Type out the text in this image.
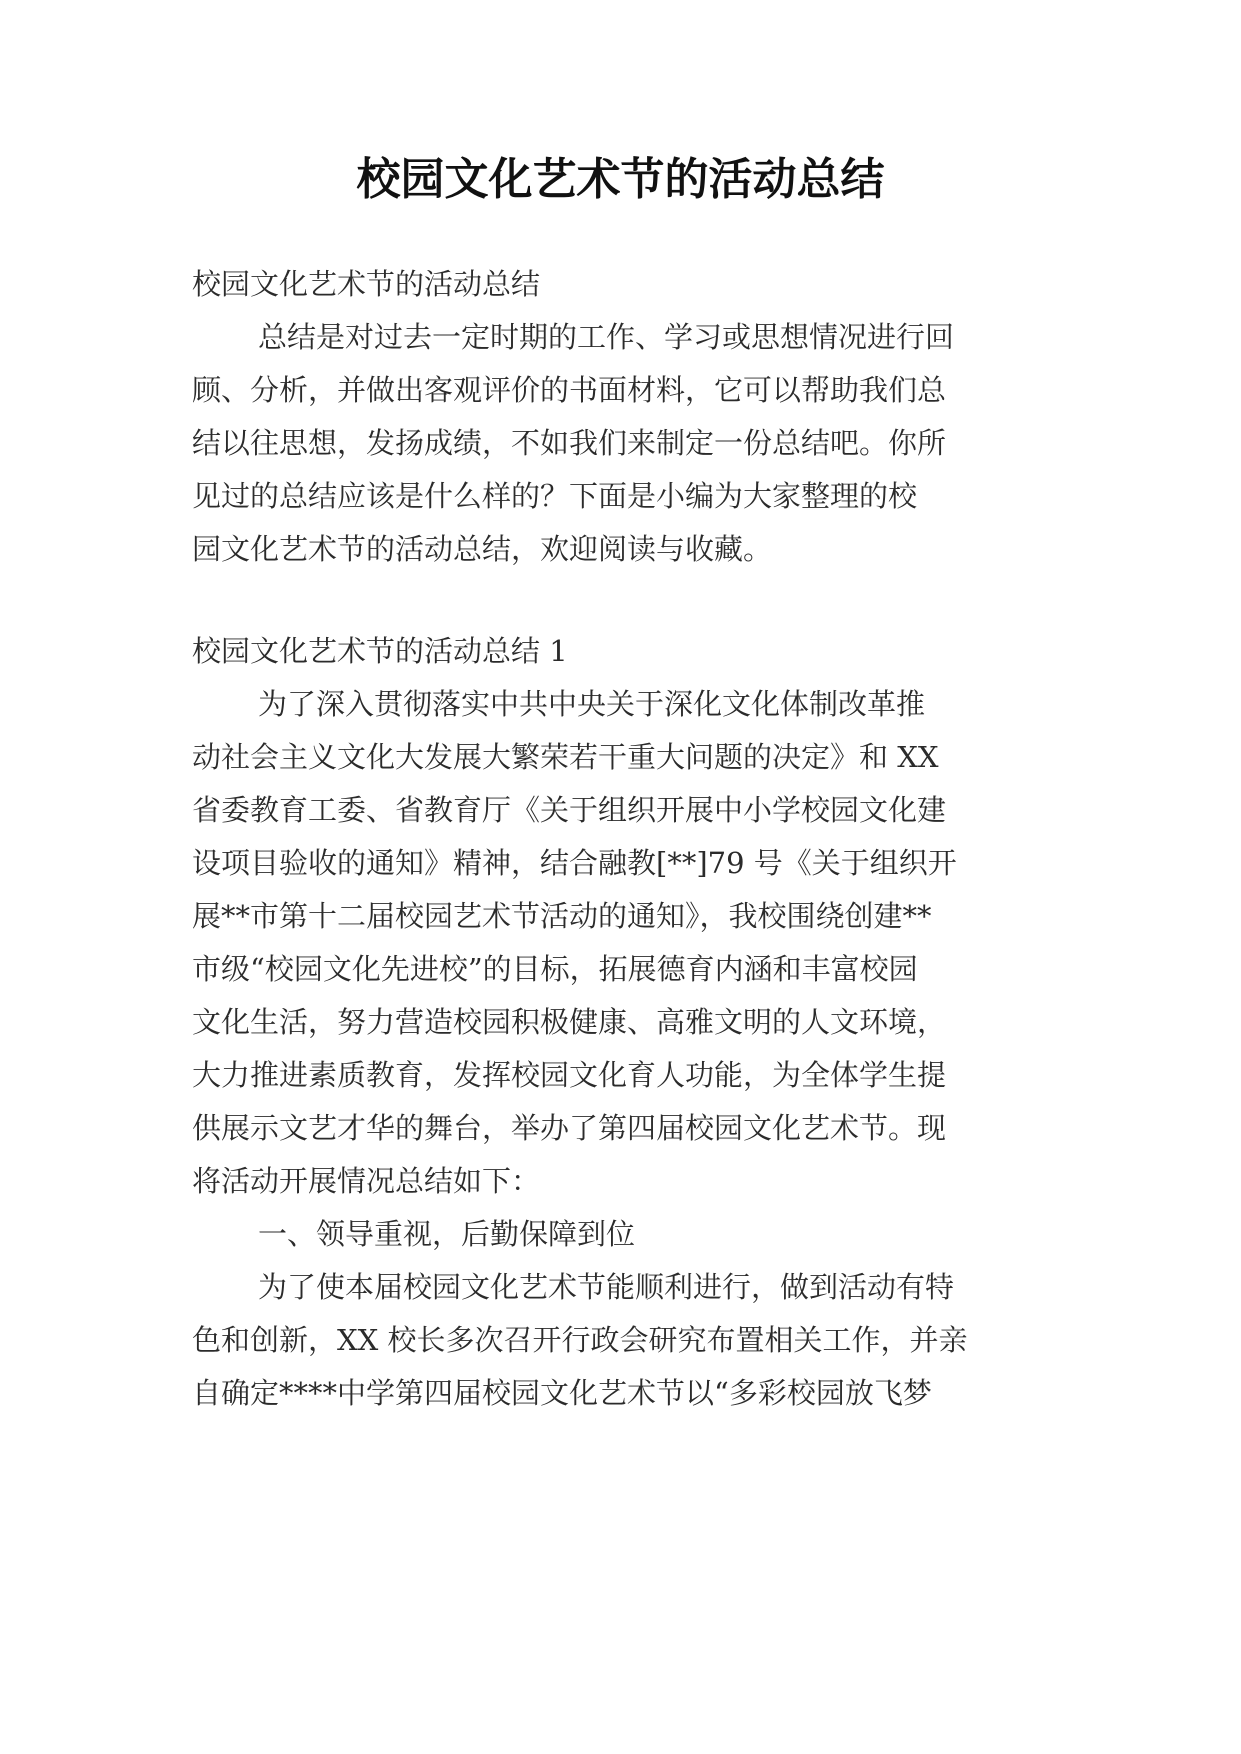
校园文化艺术节的活动总结
校园文化艺术节的活动总结
总结是对过去一定时期的工作、学习或思想情况进行回
顾、分析，并做出客观评价的书面材料，它可以帮助我们总
结以往思想，发扬成绩，不如我们来制定一份总结吧。你所
见过的总结应该是什么样的？下面是小编为大家整理的校
园文化艺术节的活动总结，欢迎阅读与收藏。
校园文化艺术节的活动总结 1
为了深入贯彻落实中共中央关于深化文化体制改革推
动社会主义文化大发展大繁荣若干重大问题的决定》和 XX
省委教育工委、省教育厅《关于组织开展中小学校园文化建
设项目验收的通知》精神，结合融教[**]79 号《关于组织开
展**市第十二届校园艺术节活动的通知》，我校围绕创建**
市级“校园文化先进校”的目标，拓展德育内涵和丰富校园
文化生活，努力营造校园积极健康、高雅文明的人文环境，
大力推进素质教育，发挥校园文化育人功能，为全体学生提
供展示文艺才华的舞台，举办了第四届校园文化艺术节。现
将活动开展情况总结如下：
一、领导重视，后勤保障到位
为了使本届校园文化艺术节能顺利进行，做到活动有特
色和创新，XX 校长多次召开行政会研究布置相关工作，并亲
自确定****中学第四届校园文化艺术节以“多彩校园放飞梦
